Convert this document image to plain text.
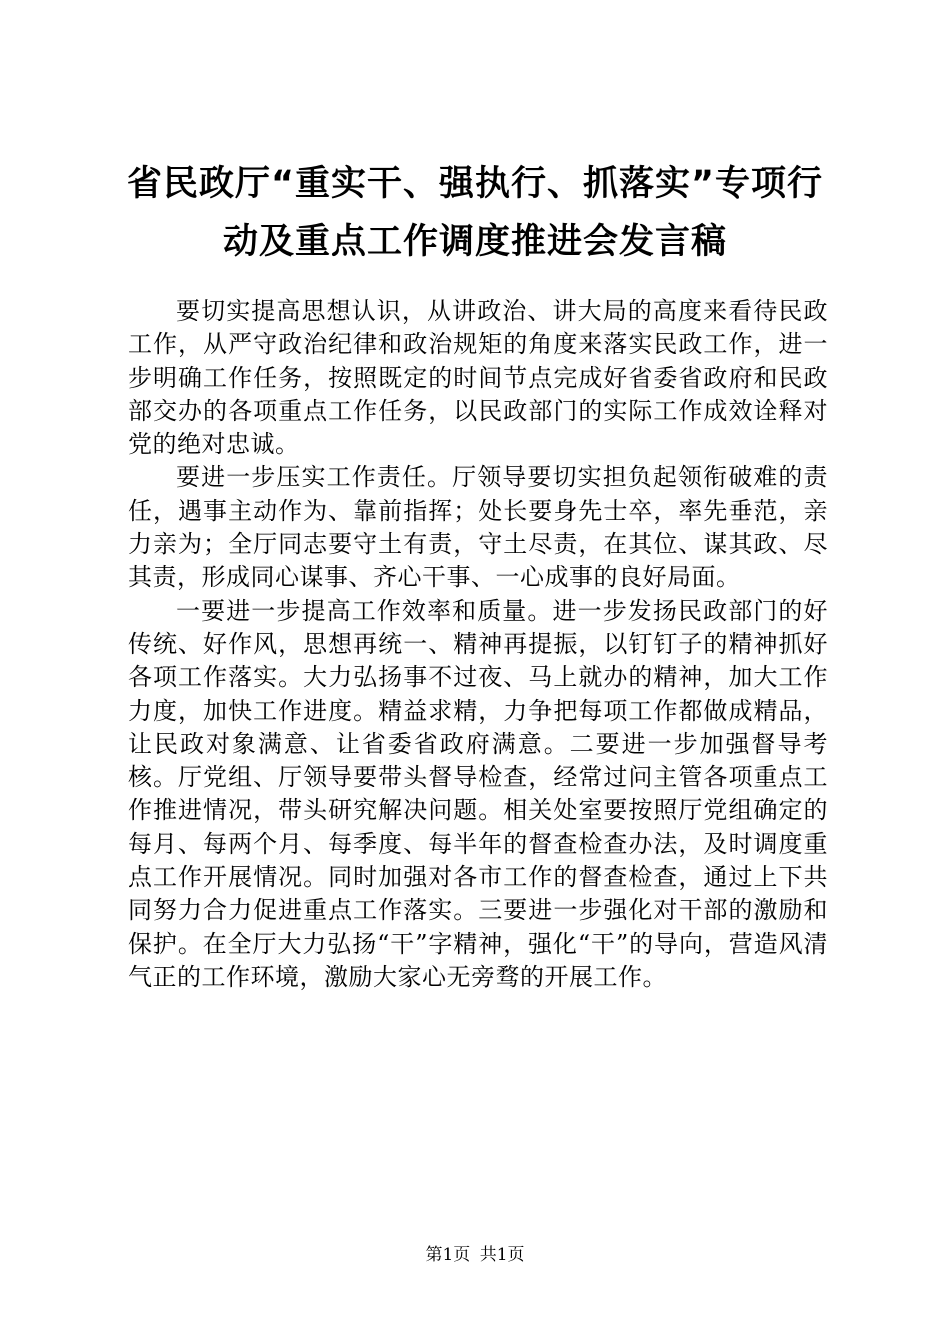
省民政厅“重实干、强执行、抓落实”专项行
动及重点工作调度推进会发言稿

要切实提高思想认识，从讲政治、讲大局的高度来看待民政工作，从严守政治纪律和政治规矩的角度来落实民政工作，进一步明确工作任务，按照既定的时间节点完成好省委省政府和民政部交办的各项重点工作任务，以民政部门的实际工作成效诠释对党的绝对忠诚。

要进一步压实工作责任。厅领导要切实担负起领衔破难的责任，遇事主动作为、靠前指挥；处长要身先士卒，率先垂范，亲力亲为；全厅同志要守土有责，守土尽责，在其位、谋其政、尽其责，形成同心谋事、齐心干事、一心成事的良好局面。

一要进一步提高工作效率和质量。进一步发扬民政部门的好传统、好作风，思想再统一、精神再提振，以钉钉子的精神抓好各项工作落实。大力弘扬事不过夜、马上就办的精神，加大工作力度，加快工作进度。精益求精，力争把每项工作都做成精品，让民政对象满意、让省委省政府满意。二要进一步加强督导考核。厅党组、厅领导要带头督导检查，经常过问主管各项重点工作推进情况，带头研究解决问题。相关处室要按照厅党组确定的每月、每两个月、每季度、每半年的督查检查办法，及时调度重点工作开展情况。同时加强对各市工作的督查检查，通过上下共同努力合力促进重点工作落实。三要进一步强化对干部的激励和保护。在全厅大力弘扬“干”字精神，强化“干”的导向，营造风清气正的工作环境，激励大家心无旁骛的开展工作。

第1页 共1页
